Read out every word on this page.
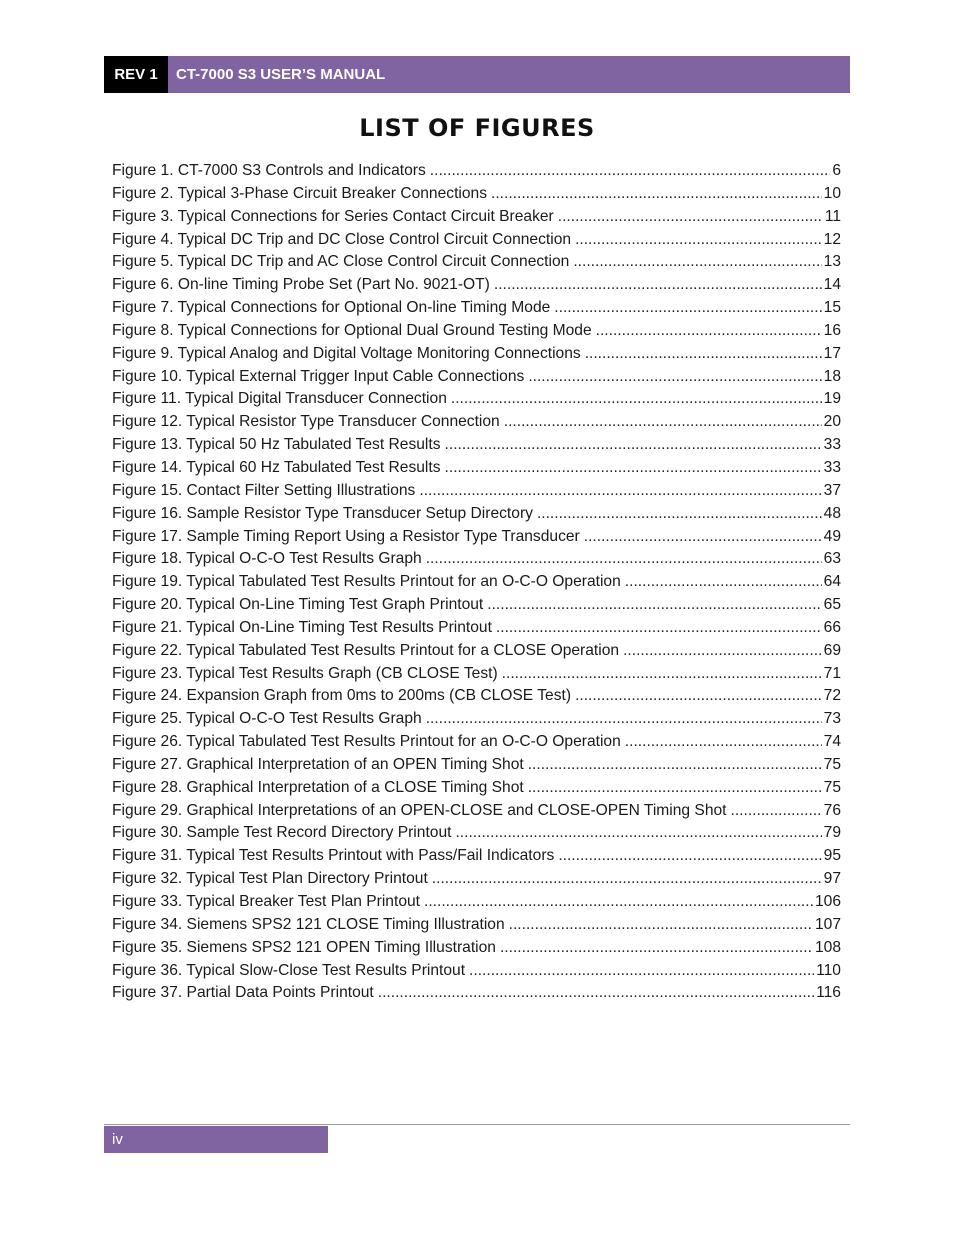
REV 1	CT-7000 S3 USER’S MANUAL
LIST OF FIGURES
Figure 1. CT-7000 S3 Controls and Indicators .....	6
Figure 2. Typical 3-Phase Circuit Breaker Connections .....	10
Figure 3. Typical Connections for Series Contact Circuit Breaker .....	11
Figure 4. Typical DC Trip and DC Close Control Circuit Connection .....	12
Figure 5. Typical DC Trip and AC Close Control Circuit Connection .....	13
Figure 6. On-line Timing Probe Set (Part No. 9021-OT) .....	14
Figure 7. Typical Connections for Optional On-line Timing Mode .....	15
Figure 8. Typical Connections for Optional Dual Ground Testing Mode .....	16
Figure 9. Typical Analog and Digital Voltage Monitoring Connections .....	17
Figure 10. Typical External Trigger Input Cable Connections .....	18
Figure 11. Typical Digital Transducer Connection .....	19
Figure 12. Typical Resistor Type Transducer Connection .....	20
Figure 13. Typical 50 Hz Tabulated Test Results .....	33
Figure 14. Typical 60 Hz Tabulated Test Results .....	33
Figure 15. Contact Filter Setting Illustrations .....	37
Figure 16. Sample Resistor Type Transducer Setup Directory .....	48
Figure 17. Sample Timing Report Using a Resistor Type Transducer .....	49
Figure 18. Typical O-C-O Test Results Graph .....	63
Figure 19. Typical Tabulated Test Results Printout for an O-C-O Operation .....	64
Figure 20. Typical On-Line Timing Test Graph Printout .....	65
Figure 21. Typical On-Line Timing Test Results Printout .....	66
Figure 22. Typical Tabulated Test Results Printout for a CLOSE Operation .....	69
Figure 23. Typical Test Results Graph (CB CLOSE Test) .....	71
Figure 24. Expansion Graph from 0ms to 200ms (CB CLOSE Test) .....	72
Figure 25. Typical O-C-O Test Results Graph .....	73
Figure 26. Typical Tabulated Test Results Printout for an O-C-O Operation .....	74
Figure 27. Graphical Interpretation of an OPEN Timing Shot .....	75
Figure 28. Graphical Interpretation of a CLOSE Timing Shot .....	75
Figure 29. Graphical Interpretations of an OPEN-CLOSE and CLOSE-OPEN Timing Shot .....	76
Figure 30. Sample Test Record Directory Printout .....	79
Figure 31. Typical Test Results Printout with Pass/Fail Indicators .....	95
Figure 32. Typical Test Plan Directory Printout .....	97
Figure 33. Typical Breaker Test Plan Printout .....	106
Figure 34. Siemens SPS2 121 CLOSE Timing Illustration .....	107
Figure 35. Siemens SPS2 121 OPEN Timing Illustration .....	108
Figure 36. Typical Slow-Close Test Results Printout .....	110
Figure 37. Partial Data Points Printout .....	116
iv
